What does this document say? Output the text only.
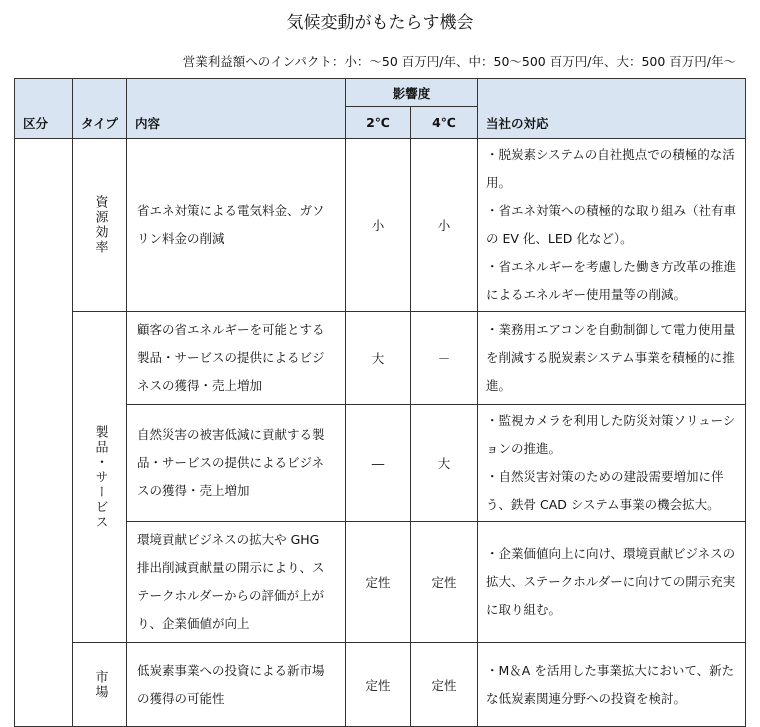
気候変動がもたらす機会
営業利益額へのインパクト：小：～50 百万円/年、中：50～500 百万円/年、大：500 百万円/年～
区分	タイプ	内容	影響度		当社の対応
			2℃	4℃	

	資源効率	省エネ対策による電気料金、ガソリン料金の削減	小	小	・脱炭素システムの自社拠点での積極的な活用。

・省エネ対策への積極的な取り組み（社有車の EV 化、LED 化など）。

・省エネルギーを考慮した働き方改革の推進によるエネルギー使用量等の削減。

	製品・サービス	顧客の省エネルギーを可能とする製品・サービスの提供によるビジネスの獲得・売上増加	大	－	・業務用エアコンを自動制御して電力使用量を削減する脱炭素システム事業を積極的に推進。

		自然災害の被害低減に貢献する製品・サービスの提供によるビジネスの獲得・売上増加	―	大	・監視カメラを利用した防災対策ソリューションの推進。

・自然災害対策のための建設需要増加に伴う、鉄骨 CAD システム事業の機会拡大。

		環境貢献ビジネスの拡大や GHG 排出削減貢献量の開示により、ステークホルダーからの評価が上がり、企業価値が向上	定性	定性	・企業価値向上に向け、環境貢献ビジネスの拡大、ステークホルダーに向けての開示充実に取り組む。

	市場	低炭素事業への投資による新市場の獲得の可能性	定性	定性	・M＆A を活用した事業拡大において、新たな低炭素関連分野への投資を検討。
